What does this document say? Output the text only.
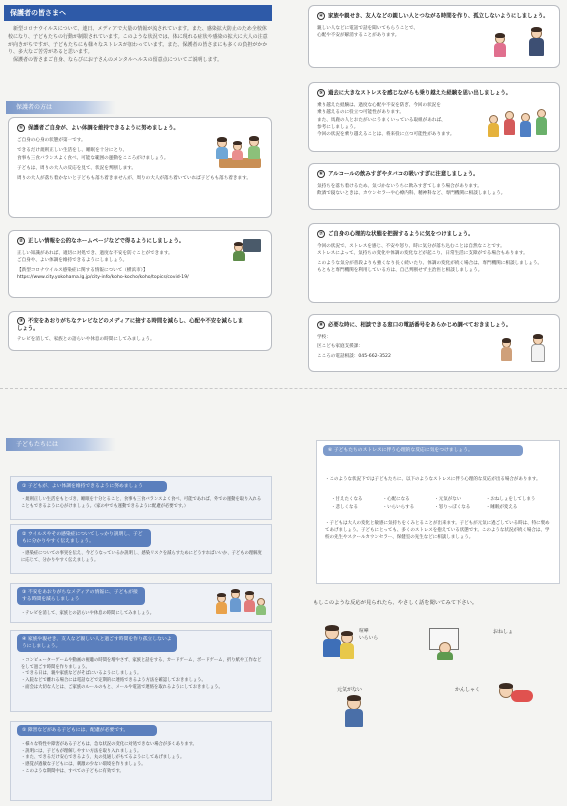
保護者の皆さまへ

新型コロナウイルスについて、連日、メディアで大量の情報が流されています。また、感染拡大防止のため全校休校になり、子どもたちの行動が制限されています。このような状況では、体に現れる症状や感染の拡大に大人の注意が向きがちですが、子どもたちにも様々なストレスが加わっています。また、保護者の皆さまにも多くの負担がかかり、多大なご苦労があると思います。

保護者の皆さまご自身、ならびにお子さんのメンタルヘルスの留意点についてご説明します。

保護者の方は
① 保護者ご自身が、よい体調を維持できるように努めましょう。
ご自身の心身の状態が第一です。
できるだけ規則正しい生活をし、睡眠を十分にとり、
食事も三食バランスよく食べ、可能な範囲の運動をこころがけましょう。
子どもは、周りの大人の反応を見て、状況を判断します。
周りの大人が落ち着かないと子どもも落ち着きませんが、周りの大人が落ち着いていれば子どもも落ち着きます。
② 正しい情報を公的なホームページなどで得るようにしましょう。
正しい知識があれば、適切に対処でき、過度な不安を防ぐことができます。
ご自身や、よい体調を維持できるようにしましょう。
【新型コロナウイルス感染症に関する情報について（横浜市）】
https://www.city.yokohama.lg.jp/city-info/koho-kocho/koho/topics/covid-19/
③ 不安をあおりがちなテレビなどのメディアに接する時間を減らし、心配や不安を減らしましょう。
テレビを消して、家族との語らいや休息の時間にしてみましょう。
④ 家族や親せき、友人などの親しい人とつながる時間を作り、孤立しないようにしましょう。
親しい人などに電話で話を聞いてもらうことで、
心配や不安が解消することがあります。
⑤ 過去に大きなストレスを感じながらも乗り越えた経験を思い出しましょう。
乗り越えた経験は、過度な心配や不安を防ぎ、今回の状況を
乗り越えるのに役立つ可能性があります。
また、馬鹿の人とおたがいにうまくいっている取組があれば、
参考にしましょう。
今回の状況を乗り越えることは、将来役に立つ可能性があります。
⑥ アルコールの飲みすぎやタバコの吸いすぎに注意しましょう。
気持ちを落ち着けるため、気づかないうちに飲みすぎてしまう場合があります。
飲酒で寝ないときは、カウンセラーや心療内科、精神科など、専門機関に相談しましょう。
⑦ ご自身の心理的な状態を把握するように気をつけましょう。
今回の状況で、ストレスを感じ、不安や怒り、時に気分が落ち込むことは自然なことです。
ストレスによって、気持ちの変化や体調の変化などが起こり、日常生活に支障がでる場合もあります。
このような気分が普段よりも強くなり長く続いたり、体調の変化が続く場合は、専門機関に相談しましょう。
もともと専門機関を利用している方は、自己判断せず主治医と相談しましょう。
⑧ 必要な時に、相談できる窓口の電話番号をあらかじめ調べておきましょう。
学校：
区こども家庭支援課：
こころの電話相談：045-662-3522
子どもたちには
① 子どもが、よい体調を維持できるように努めましょう
・規則正しい生活をもとづき、睡眠を十分とること、食事も三食バランスよく食べ、可能であれば、外での運動を取り入れることもできるように心がけましょう。（家の中でも運動できるように配慮が必要です。）
② ウイルスやその感染症についてしっかり説明し、子どもに分かりやすく伝えましょう。
・感染症についての事実を伝え、今どうなっているか説明し、感染リスクを減らすためにどうすればいいか、子どもの理解度に応じて、分かりやすく伝えましょう。
③ 不安をあおりがちなメディアの情報に、子どもが接する時間を減らしましょう
・テレビを消して、家族との語らいや休息の時間にしてみましょう。
④ 家族や親せき、友人など親しい人と過ごす時間を作り孤立しないようにしましょう。
・コンピューターゲームや動画の視聴の時間を増やさず、家族と話をする、カードゲーム、ボードゲーム、折り紙や工作などをして過ごす時間を作りましょう。
・できる日は、親や家族などがそばにいるようにしましょう。
・入院などで離れる場合には電話などで定期的に連絡できるよう方法を確認しておきましょう。
・面会は大切な人とは、ご家族のルールのもと、メールや電話で連絡を取れるようにしておきましょう。
⑤ 障害などがある子どもには、配慮が必要です。
・様々な特性や障害がある子どもは、急な状況の変化に対処できない場合が多くあります。
・説明には、子どもが理解しやすい方法を取り入れましょう。
・また、できるだけ安心できるよう、丸の見通しがもてるようにしてあげましょう。
・感覚が過敏な子どもには、刺激の少ない環境を作りましょう。
・このような期間中は、すべての子どもに有効です。
⑥ 子どもたちのストレスに伴う心理的な反応に気をつけましょう。
・このような状況下では子どもたちに、以下のようなストレスに伴う心理的な反応が出る場合があります。
・甘えたくなる	・心配になる	・元気がない	・おねしょをしてしまう
・悲しくなる	・いらいらする	・怒りっぽくなる	・睡眠が変える
・子どもは大人の変化と敏感に気持ちをくみとることが出来ます。子どもが元気に過ごしている時は、特に褒めてあげましょう。子どもにとっても、多くのストレスを抱えている状態です。このような状況が続く場合は、学校の先生やスクールカウンセラー、保健室の先生などに相談しましょう。
もしこのような反応が見られたら、やさしく話を聞いてみて下さい。
喧嘩
いらいら
おねしょ
元気がない	かんしゃく
